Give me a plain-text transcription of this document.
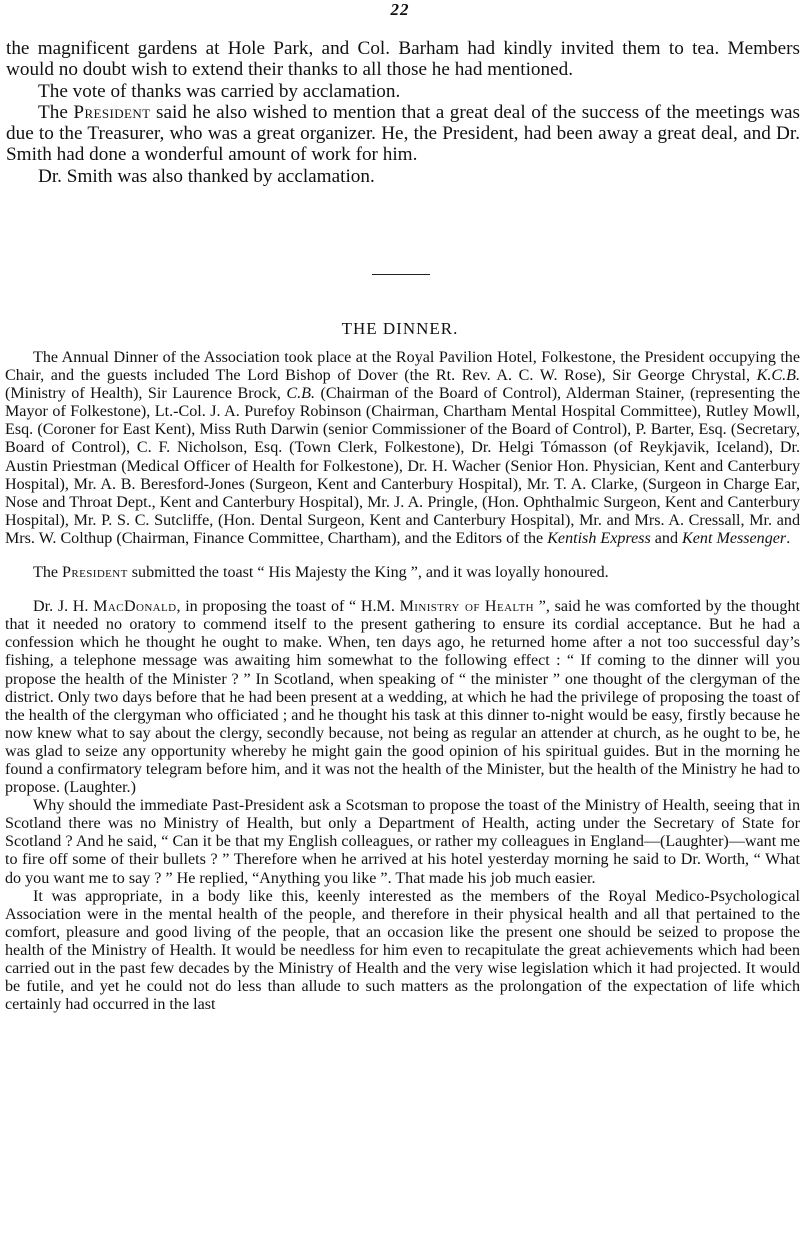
22

the magnificent gardens at Hole Park, and Col. Barham had kindly invited them to tea. Members would no doubt wish to extend their thanks to all those he had mentioned.

The vote of thanks was carried by acclamation.

The President said he also wished to mention that a great deal of the success of the meetings was due to the Treasurer, who was a great organizer. He, the President, had been away a great deal, and Dr. Smith had done a wonderful amount of work for him.

Dr. Smith was also thanked by acclamation.

THE DINNER.

The Annual Dinner of the Association took place at the Royal Pavilion Hotel, Folkestone, the President occupying the Chair, and the guests included The Lord Bishop of Dover (the Rt. Rev. A. C. W. Rose), Sir George Chrystal, K.C.B. (Ministry of Health), Sir Laurence Brock, C.B. (Chairman of the Board of Control), Alderman Stainer, (representing the Mayor of Folkestone), Lt.-Col. J. A. Purefoy Robinson (Chairman, Chartham Mental Hospital Committee), Rutley Mowll, Esq. (Coroner for East Kent), Miss Ruth Darwin (senior Commissioner of the Board of Control), P. Barter, Esq. (Secretary, Board of Control), C. F. Nicholson, Esq. (Town Clerk, Folkestone), Dr. Helgi Tómasson (of Reykjavik, Iceland), Dr. Austin Priestman (Medical Officer of Health for Folkestone), Dr. H. Wacher (Senior Hon. Physician, Kent and Canterbury Hospital), Mr. A. B. Beresford-Jones (Surgeon, Kent and Canterbury Hospital), Mr. T. A. Clarke, (Surgeon in Charge Ear, Nose and Throat Dept., Kent and Canterbury Hospital), Mr. J. A. Pringle, (Hon. Ophthalmic Surgeon, Kent and Canterbury Hospital), Mr. P. S. C. Sutcliffe, (Hon. Dental Surgeon, Kent and Canterbury Hospital), Mr. and Mrs. A. Cressall, Mr. and Mrs. W. Colthup (Chairman, Finance Committee, Chartham), and the Editors of the Kentish Express and Kent Messenger.

The President submitted the toast “ His Majesty the King ”, and it was loyally honoured.

Dr. J. H. MacDonald, in proposing the toast of “ H.M. Ministry of Health ”, said he was comforted by the thought that it needed no oratory to commend itself to the present gathering to ensure its cordial acceptance. But he had a confession which he thought he ought to make. When, ten days ago, he returned home after a not too successful day’s fishing, a telephone message was awaiting him somewhat to the following effect : “ If coming to the dinner will you propose the health of the Minister ? ” In Scotland, when speaking of “ the minister ” one thought of the clergyman of the district. Only two days before that he had been present at a wedding, at which he had the privilege of proposing the toast of the health of the clergyman who officiated ; and he thought his task at this dinner to-night would be easy, firstly because he now knew what to say about the clergy, secondly because, not being as regular an attender at church, as he ought to be, he was glad to seize any opportunity whereby he might gain the good opinion of his spiritual guides. But in the morning he found a confirmatory telegram before him, and it was not the health of the Minister, but the health of the Ministry he had to propose. (Laughter.)

Why should the immediate Past-President ask a Scotsman to propose the toast of the Ministry of Health, seeing that in Scotland there was no Ministry of Health, but only a Department of Health, acting under the Secretary of State for Scotland ? And he said, “ Can it be that my English colleagues, or rather my colleagues in England—(Laughter)—want me to fire off some of their bullets ? ” Therefore when he arrived at his hotel yesterday morning he said to Dr. Worth, “ What do you want me to say ? ” He replied, “Anything you like ”. That made his job much easier.

It was appropriate, in a body like this, keenly interested as the members of the Royal Medico-Psychological Association were in the mental health of the people, and therefore in their physical health and all that pertained to the comfort, pleasure and good living of the people, that an occasion like the present one should be seized to propose the health of the Ministry of Health. It would be needless for him even to recapitulate the great achievements which had been carried out in the past few decades by the Ministry of Health and the very wise legislation which it had projected. It would be futile, and yet he could not do less than allude to such matters as the prolongation of the expectation of life which certainly had occurred in the last
